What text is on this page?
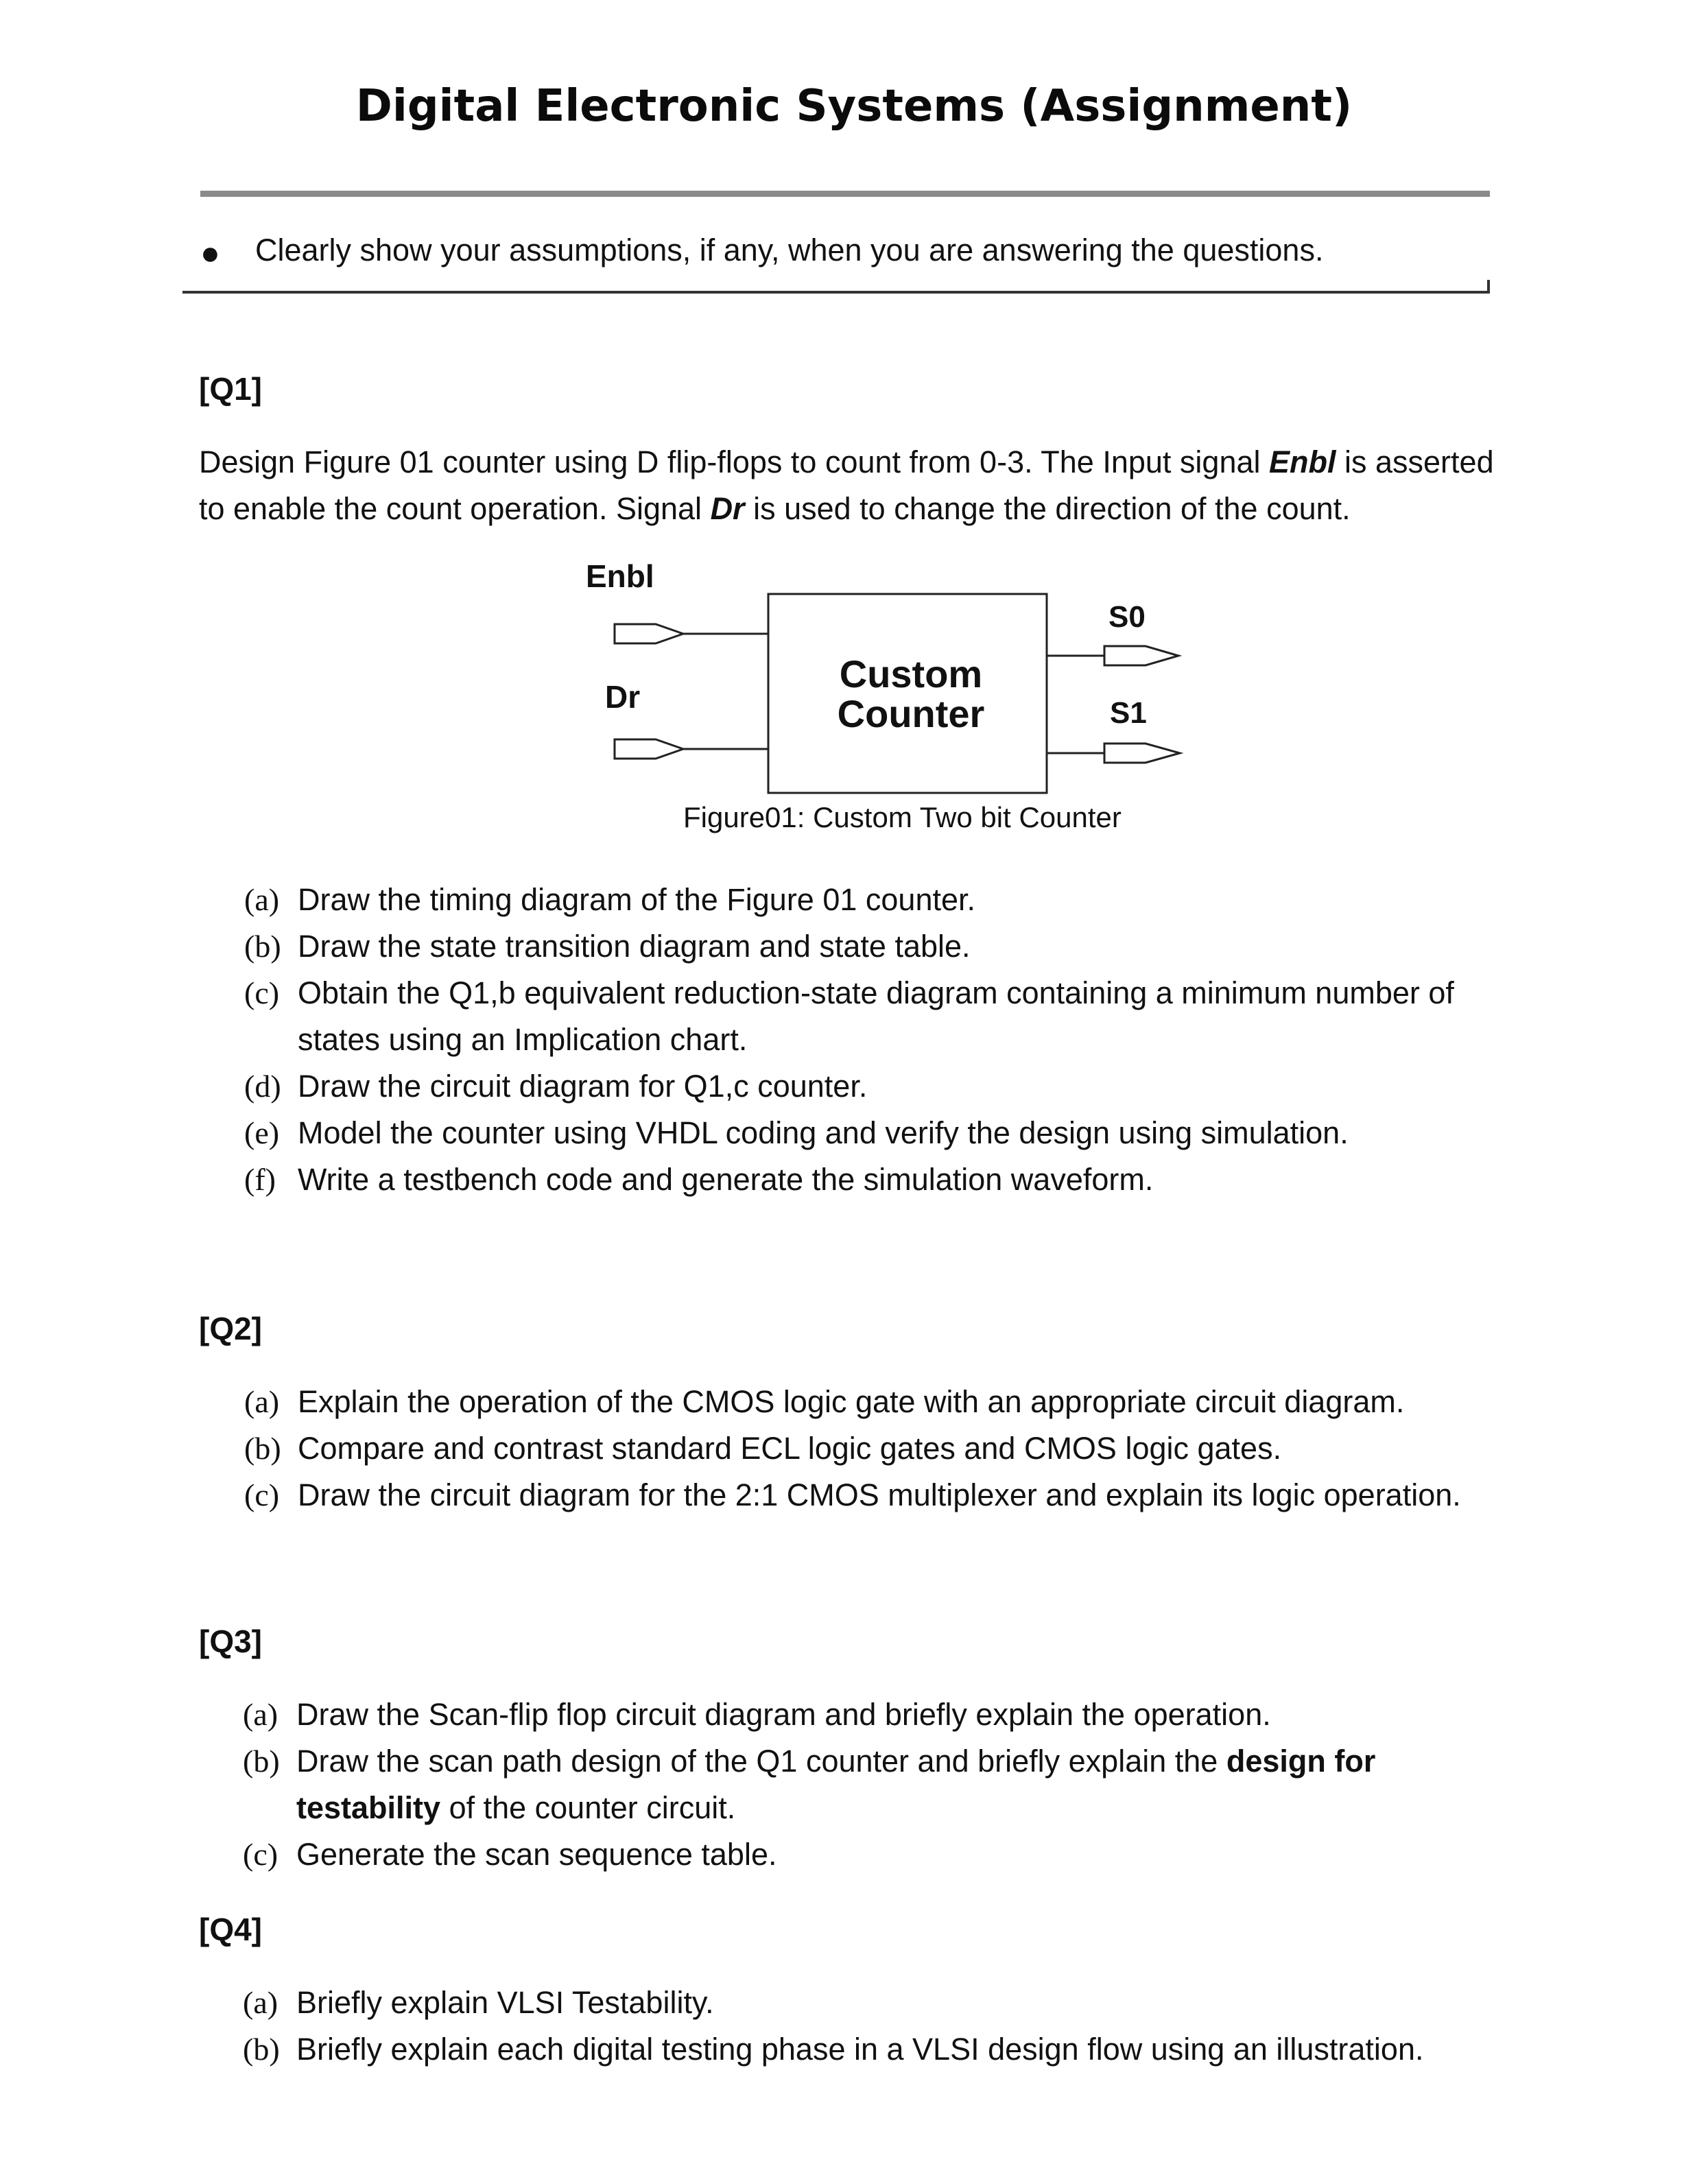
Digital Electronic Systems (Assignment)
● Clearly show your assumptions, if any, when you are answering the questions.
[Q1]
Design Figure 01 counter using D flip-flops to count from 0-3. The Input signal Enbl is asserted
to enable the count operation. Signal Dr is used to change the direction of the count.
Enbl
Dr
S0
S1
Custom
Counter
Figure01: Custom Two bit Counter
(a) Draw the timing diagram of the Figure 01 counter.
(b) Draw the state transition diagram and state table.
(c) Obtain the Q1,b equivalent reduction-state diagram containing a minimum number of
states using an Implication chart.
(d) Draw the circuit diagram for Q1,c counter.
(e) Model the counter using VHDL coding and verify the design using simulation.
(f) Write a testbench code and generate the simulation waveform.
[Q2]
(a) Explain the operation of the CMOS logic gate with an appropriate circuit diagram.
(b) Compare and contrast standard ECL logic gates and CMOS logic gates.
(c) Draw the circuit diagram for the 2:1 CMOS multiplexer and explain its logic operation.
[Q3]
(a) Draw the Scan-flip flop circuit diagram and briefly explain the operation.
(b) Draw the scan path design of the Q1 counter and briefly explain the design for
testability of the counter circuit.
(c) Generate the scan sequence table.
[Q4]
(a) Briefly explain VLSI Testability.
(b) Briefly explain each digital testing phase in a VLSI design flow using an illustration.
